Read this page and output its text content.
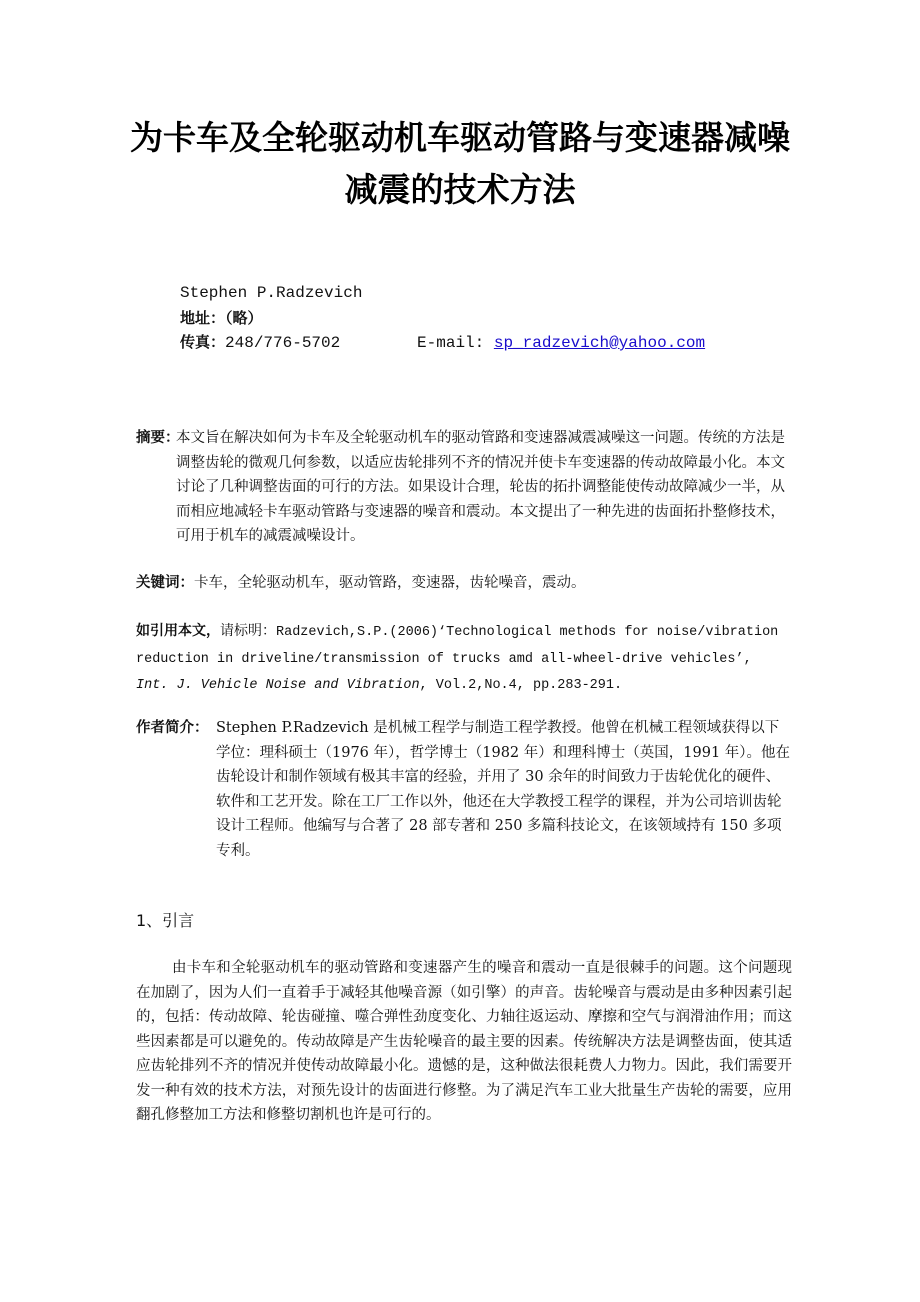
为卡车及全轮驱动机车驱动管路与变速器减噪减震的技术方法
Stephen P.Radzevich
地址：（略）
传真：248/776-5702	E-mail: sp_radzevich@yahoo.com
摘要：
本文旨在解决如何为卡车及全轮驱动机车的驱动管路和变速器减震减噪这一问题。传统的方法是调整齿轮的微观几何参数，以适应齿轮排列不齐的情况并使卡车变速器的传动故障最小化。本文讨论了几种调整齿面的可行的方法。如果设计合理，轮齿的拓扑调整能使传动故障减少一半，从而相应地减轻卡车驱动管路与变速器的噪音和震动。本文提出了一种先进的齿面拓扑整修技术，可用于机车的减震减噪设计。
关键词：卡车，全轮驱动机车，驱动管路，变速器，齿轮噪音，震动。
如引用本文，请标明：Radzevich,S.P.(2006)‘Technological methods for noise/vibration reduction in driveline/transmission of trucks amd all-wheel-drive vehicles’, Int. J. Vehicle Noise and Vibration, Vol.2,No.4, pp.283-291.
作者简介： Stephen P.Radzevich 是机械工程学与制造工程学教授。他曾在机械工程领域获得以下学位：理科硕士（1976 年），哲学博士（1982 年）和理科博士（英国，1991 年）。他在齿轮设计和制作领域有极其丰富的经验，并用了 30 余年的时间致力于齿轮优化的硬件、软件和工艺开发。除在工厂工作以外，他还在大学教授工程学的课程，并为公司培训齿轮设计工程师。他编写与合著了 28 部专著和 250 多篇科技论文，在该领域持有 150 多项专利。
1、引言
由卡车和全轮驱动机车的驱动管路和变速器产生的噪音和震动一直是很棘手的问题。这个问题现在加剧了，因为人们一直着手于减轻其他噪音源（如引擎）的声音。齿轮噪音与震动是由多种因素引起的，包括：传动故障、轮齿碰撞、噬合弹性劲度变化、力轴往返运动、摩擦和空气与润滑油作用；而这些因素都是可以避免的。传动故障是产生齿轮噪音的最主要的因素。传统解决方法是调整齿面，使其适应齿轮排列不齐的情况并使传动故障最小化。遗憾的是，这种做法很耗费人力物力。因此，我们需要开发一种有效的技术方法，对预先设计的齿面进行修整。为了满足汽车工业大批量生产齿轮的需要，应用翻孔修整加工方法和修整切割机也许是可行的。
